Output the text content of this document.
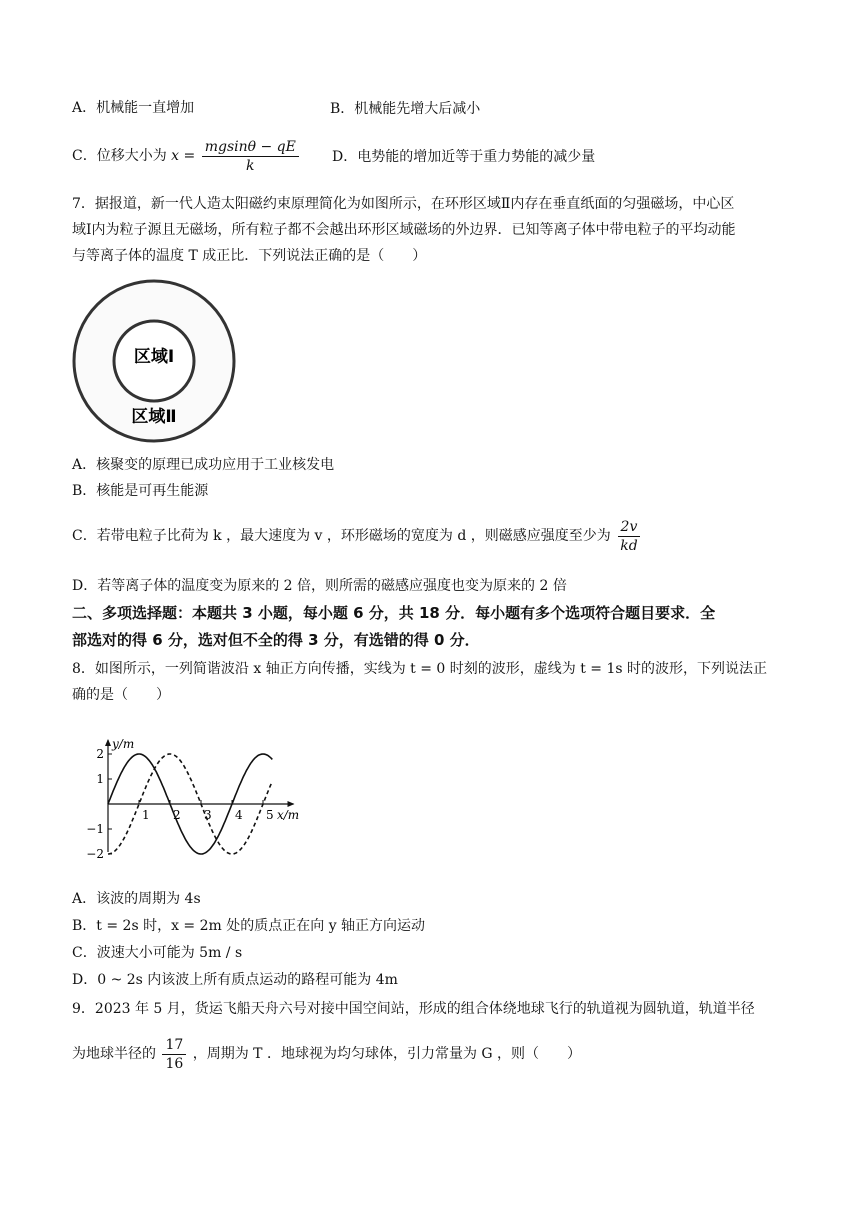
A．机械能一直增加	B．机械能先增大后减小
C．位移大小为 $x = \frac{mgsin\theta - qE}{k}$ D．电势能的增加近等于重力势能的减少量
7．据报道，新一代人造太阳磁约束原理简化为如图所示，在环形区域Ⅱ内存在垂直纸面的匀强磁场，中心区
域Ⅰ内为粒子源且无磁场，所有粒子都不会越出环形区域磁场的外边界．已知等离子体中带电粒子的平均动能
与等离子体的温度 T 成正比．下列说法正确的是（　　）
区域Ⅰ
区域Ⅱ
A．核聚变的原理已成功应用于工业核发电
B．核能是可再生能源
C．若带电粒子比荷为 k ，最大速度为 v ，环形磁场的宽度为 d ，则磁感应强度至少为 $\frac{2v}{kd}$
D．若等离子体的温度变为原来的 2 倍，则所需的磁感应强度也变为原来的 2 倍
二、多项选择题：本题共 3 小题，每小题 6 分，共 18 分．每小题有多个选项符合题目要求．全
部选对的得 6 分，选对但不全的得 3 分，有选错的得 0 分．
8．如图所示，一列简谐波沿 x 轴正方向传播，实线为 t = 0 时刻的波形，虚线为 t = 1s 时的波形，下列说法正
确的是（　　）
1 2 3 4 5
2
1
−1
−2
y/m
x/m
A．该波的周期为 4s
B．t = 2s 时，x = 2m 处的质点正在向 y 轴正方向运动
C．波速大小可能为 5m / s
D．0 ~ 2s 内该波上所有质点运动的路程可能为 4m
9．2023 年 5 月，货运飞船天舟六号对接中国空间站，形成的组合体绕地球飞行的轨道视为圆轨道，轨道半径
为地球半径的 $\frac{17}{16}$ ，周期为 T ．地球视为均匀球体，引力常量为 G ，则（　　）
